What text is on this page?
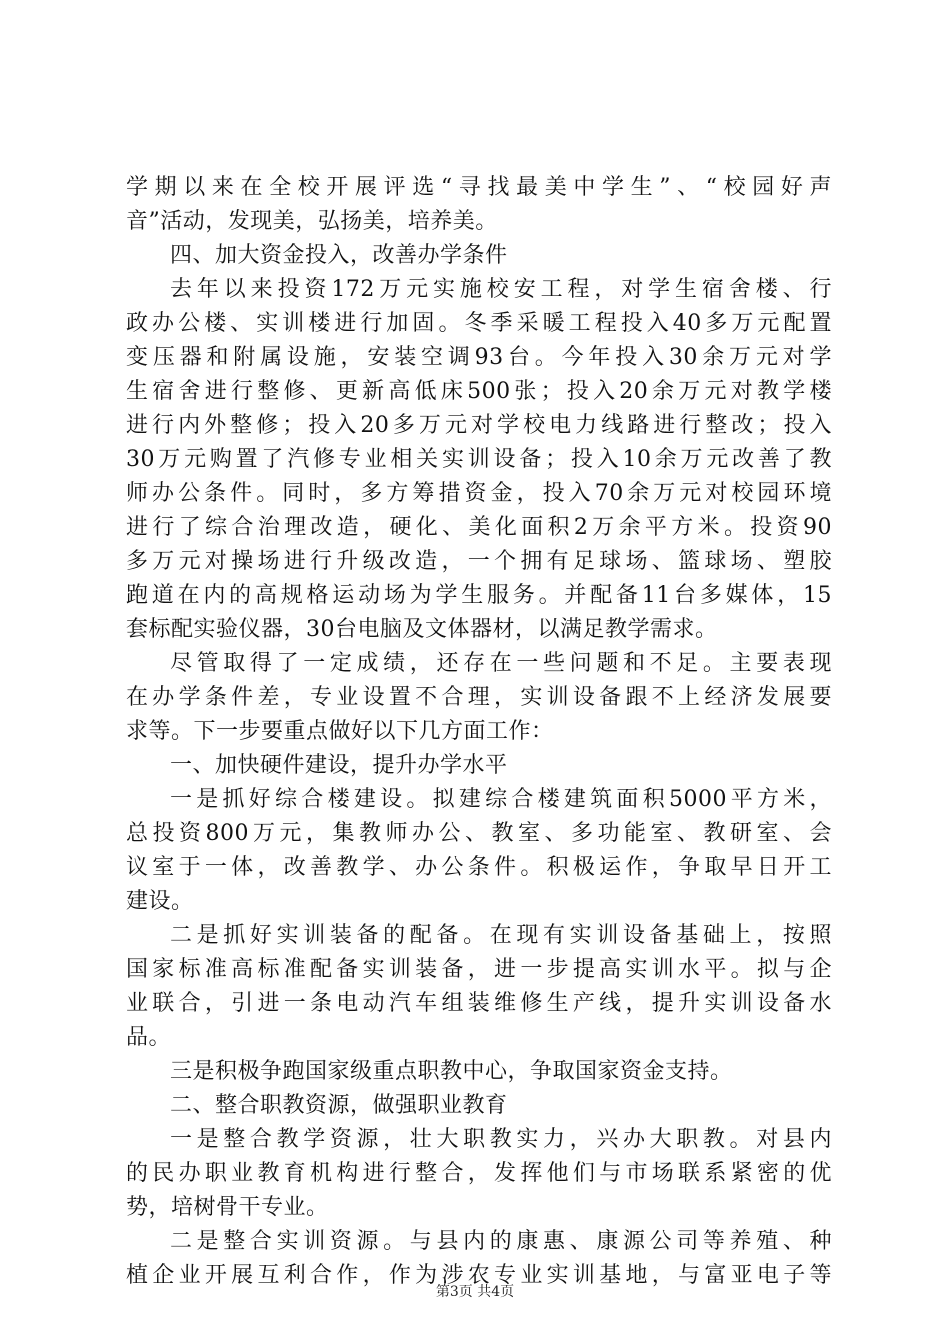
学期以来在全校开展评选“寻找最美中学生”、“校园好声
音”活动，发现美，弘扬美，培养美。
四、加大资金投入，改善办学条件
去年以来投资172万元实施校安工程，对学生宿舍楼、行
政办公楼、实训楼进行加固。冬季采暖工程投入40多万元配置
变压器和附属设施，安装空调93台。今年投入30余万元对学
生宿舍进行整修、更新高低床500张；投入20余万元对教学楼
进行内外整修；投入20多万元对学校电力线路进行整改；投入
30万元购置了汽修专业相关实训设备；投入10余万元改善了教
师办公条件。同时，多方筹措资金，投入70余万元对校园环境
进行了综合治理改造，硬化、美化面积2万余平方米。投资90
多万元对操场进行升级改造，一个拥有足球场、篮球场、塑胶
跑道在内的高规格运动场为学生服务。并配备11台多媒体，15
套标配实验仪器，30台电脑及文体器材，以满足教学需求。
尽管取得了一定成绩，还存在一些问题和不足。主要表现
在办学条件差，专业设置不合理，实训设备跟不上经济发展要
求等。下一步要重点做好以下几方面工作：
一、加快硬件建设，提升办学水平
一是抓好综合楼建设。拟建综合楼建筑面积5000平方米，
总投资800万元，集教师办公、教室、多功能室、教研室、会
议室于一体，改善教学、办公条件。积极运作，争取早日开工
建设。
二是抓好实训装备的配备。在现有实训设备基础上，按照
国家标准高标准配备实训装备，进一步提高实训水平。拟与企
业联合，引进一条电动汽车组装维修生产线，提升实训设备水
品。
三是积极争跑国家级重点职教中心，争取国家资金支持。
二、整合职教资源，做强职业教育
一是整合教学资源，壮大职教实力，兴办大职教。对县内
的民办职业教育机构进行整合，发挥他们与市场联系紧密的优
势，培树骨干专业。
二是整合实训资源。与县内的康惠、康源公司等养殖、种
植企业开展互利合作，作为涉农专业实训基地，与富亚电子等
第3页 共4页
